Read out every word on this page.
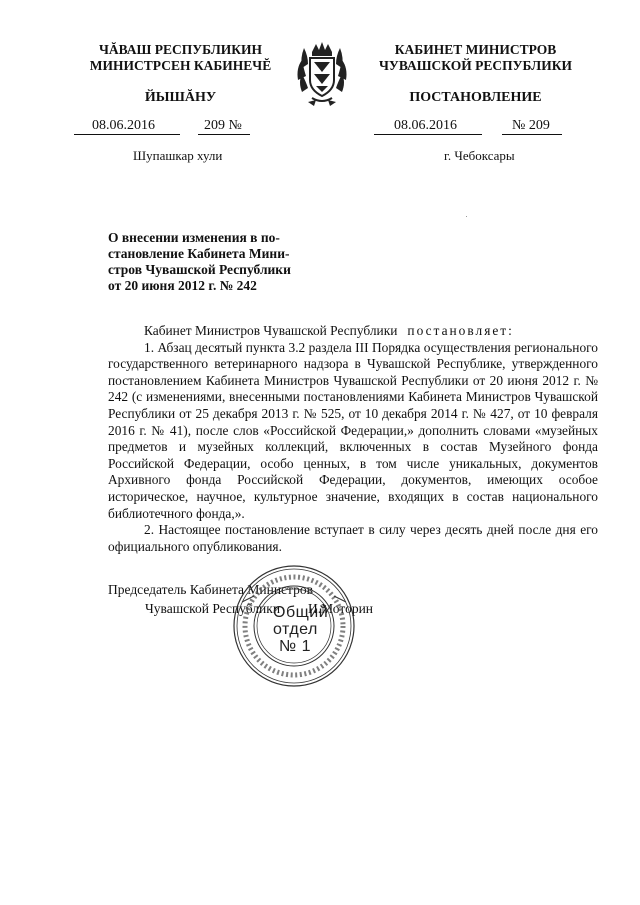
ЧĂВАШ РЕСПУБЛИКИН
МИНИСТРСЕН КАБИНЕЧĔ
ЙЫШĂНУ
КАБИНЕТ МИНИСТРОВ
ЧУВАШСКОЙ РЕСПУБЛИКИ
ПОСТАНОВЛЕНИЕ
08.06.2016	209 №	08.06.2016	№ 209
Шупашкар хули	г. Чебоксары
О внесении изменения в по-
становление Кабинета Мини-
стров Чувашской Республики
от 20 июня 2012 г. № 242

Кабинет Министров Чувашской Республики постановляет:

1. Абзац десятый пункта 3.2 раздела III Порядка осуществления регионального государственного ветеринарного надзора в Чувашской Республике, утвержденного постановлением Кабинета Министров Чувашской Республики от 20 июня 2012 г. № 242 (с изменениями, внесенными постановлениями Кабинета Министров Чувашской Республики от 25 декабря 2013 г. № 525, от 10 декабря 2014 г. № 427, от 10 февраля 2016 г. № 41), после слов «Российской Федерации,» дополнить словами «музейных предметов и музейных коллекций, включенных в состав Музейного фонда Российской Федерации, особо ценных, в том числе уникальных, документов Архивного фонда Российской Федерации, документов, имеющих особое историческое, научное, культурное значение, входящих в состав национального библиотечного фонда,».

2. Настоящее постановление вступает в силу через десять дней после дня его официального опубликования.

Председатель Кабинета Министров
Чувашской Республики И.Моторин
Общий
отдел
№ 1
